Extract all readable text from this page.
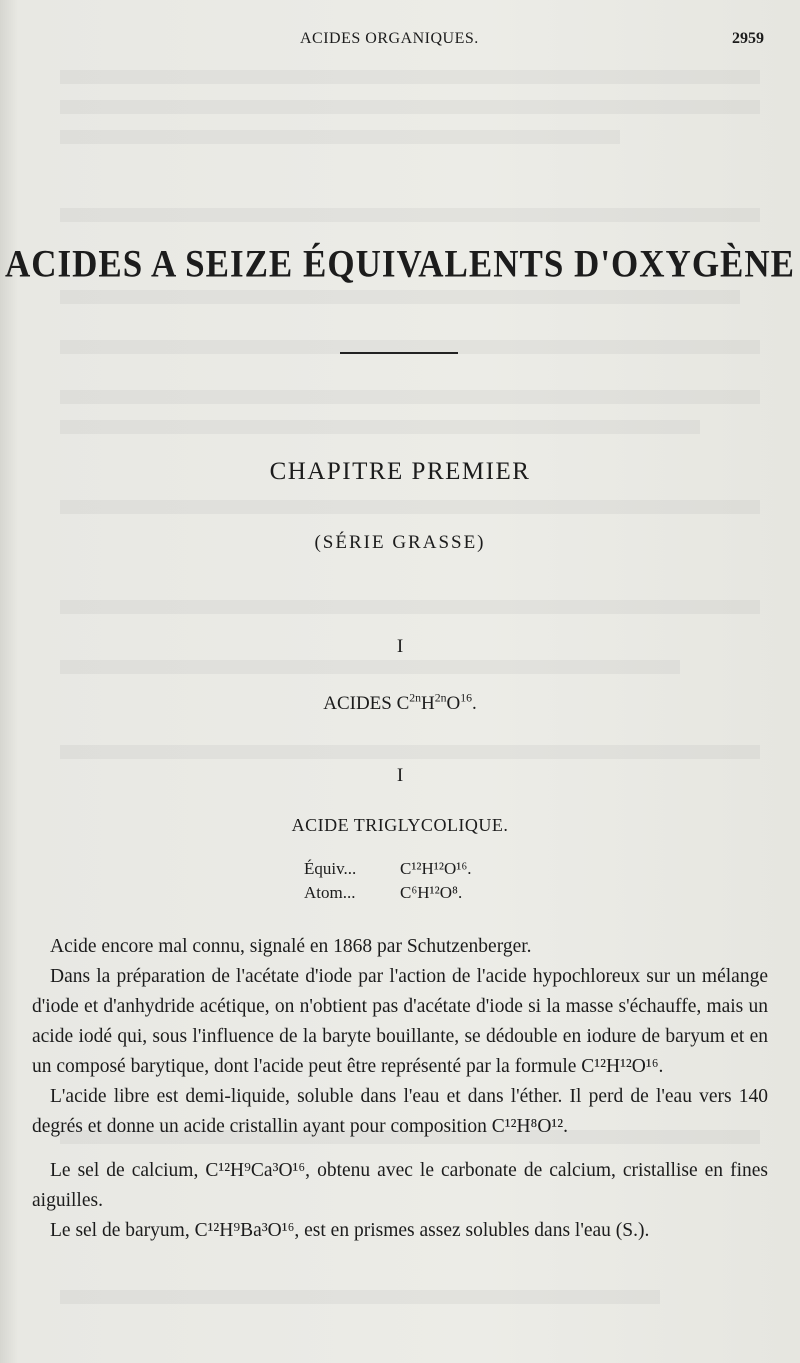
ACIDES ORGANIQUES.	2959
ACIDES A SEIZE ÉQUIVALENTS D'OXYGÈNE
CHAPITRE PREMIER
(SÉRIE GRASSE)
I
ACIDES $C^{2n}H^{2n}O^{16}$.
I
ACIDE TRIGLYCOLIQUE.
Équiv...	C¹²H¹²O¹⁶.
Atom...	C⁶H¹²O⁸.

Acide encore mal connu, signalé en 1868 par Schutzenberger.

Dans la préparation de l'acétate d'iode par l'action de l'acide hypochloreux sur un mélange d'iode et d'anhydride acétique, on n'obtient pas d'acétate d'iode si la masse s'échauffe, mais un acide iodé qui, sous l'influence de la baryte bouillante, se dédouble en iodure de baryum et en un composé barytique, dont l'acide peut être représenté par la formule C¹²H¹²O¹⁶.

L'acide libre est demi-liquide, soluble dans l'eau et dans l'éther. Il perd de l'eau vers 140 degrés et donne un acide cristallin ayant pour composition C¹²H⁸O¹².

Le sel de calcium, C¹²H⁹Ca³O¹⁶, obtenu avec le carbonate de calcium, cristallise en fines aiguilles.

Le sel de baryum, C¹²H⁹Ba³O¹⁶, est en prismes assez solubles dans l'eau (S.).
